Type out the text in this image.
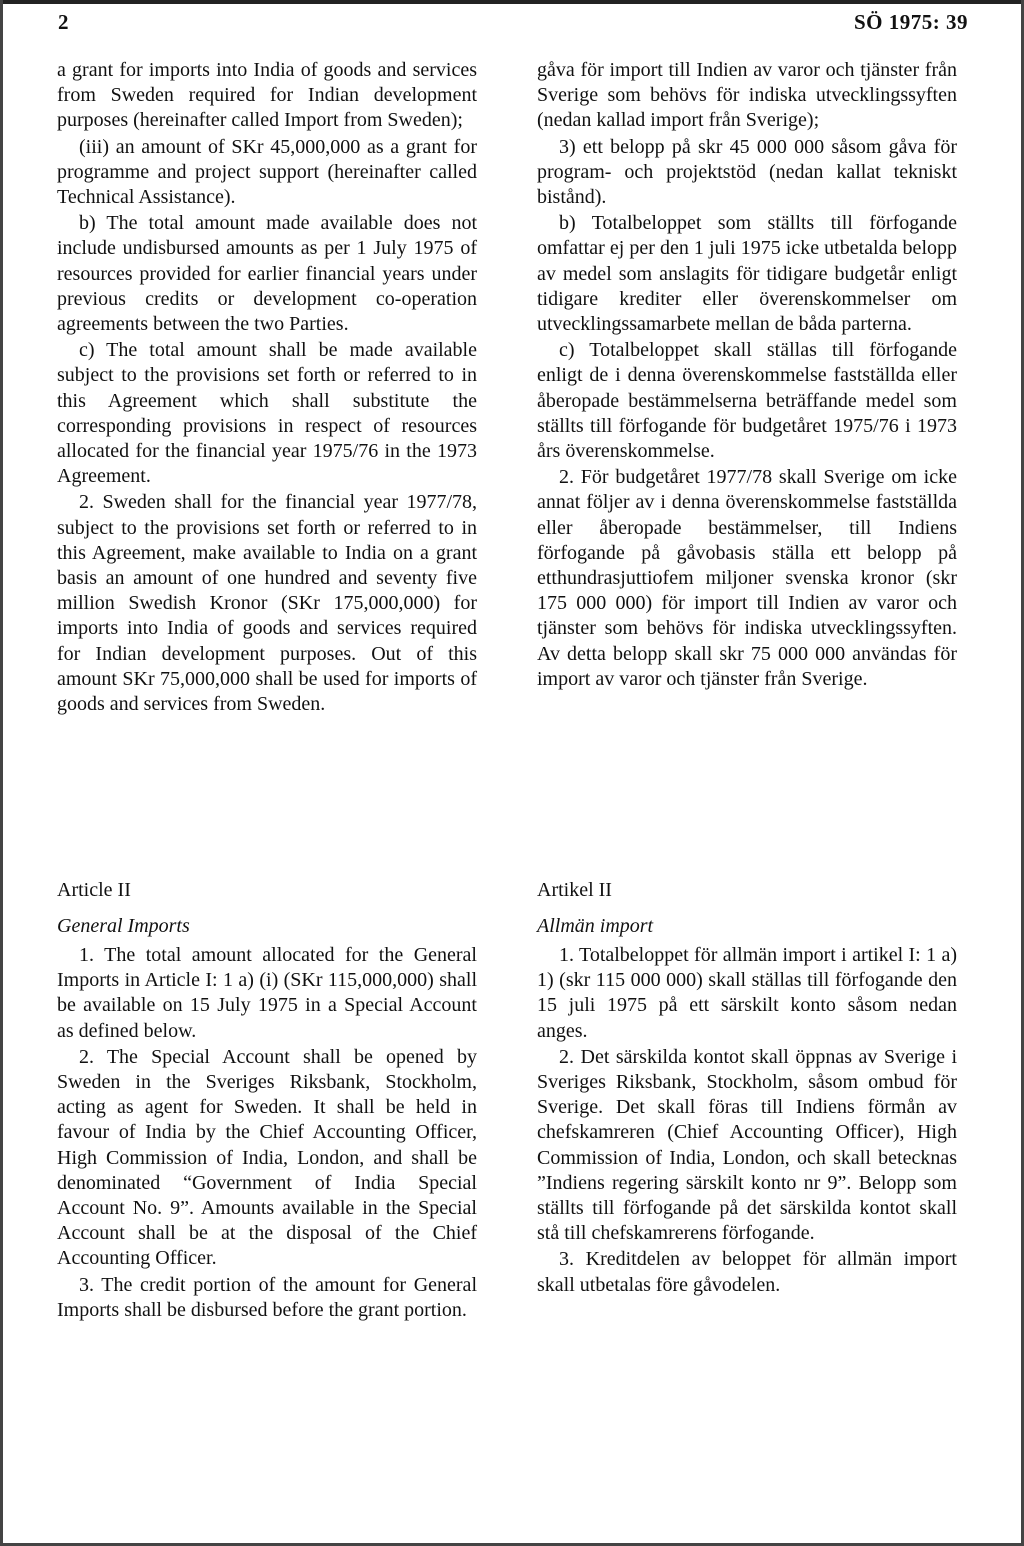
2	SÖ 1975: 39

a grant for imports into India of goods and services from Sweden required for Indian development purposes (hereinafter called Import from Sweden);

(iii) an amount of SKr 45,000,000 as a grant for programme and project support (hereinafter called Technical Assistance).

b) The total amount made available does not include undisbursed amounts as per 1 July 1975 of resources provided for earlier financial years under previous credits or development co-operation agreements between the two Parties.

c) The total amount shall be made available subject to the provisions set forth or referred to in this Agreement which shall substitute the corresponding provisions in respect of resources allocated for the financial year 1975/76 in the 1973 Agreement.

2. Sweden shall for the financial year 1977/78, subject to the provisions set forth or referred to in this Agreement, make available to India on a grant basis an amount of one hundred and seventy five million Swedish Kronor (SKr 175,000,000) for imports into India of goods and services required for Indian development purposes. Out of this amount SKr 75,000,000 shall be used for imports of goods and services from Sweden.

gåva för import till Indien av varor och tjänster från Sverige som behövs för indiska utvecklingssyften (nedan kallad import från Sverige);

3) ett belopp på skr 45 000 000 såsom gåva för program- och projektstöd (nedan kallat tekniskt bistånd).

b) Totalbeloppet som ställts till förfogande omfattar ej per den 1 juli 1975 icke utbetalda belopp av medel som anslagits för tidigare budgetår enligt tidigare krediter eller överenskommelser om utvecklingssamarbete mellan de båda parterna.

c) Totalbeloppet skall ställas till förfogande enligt de i denna överenskommelse fastställda eller åberopade bestämmelserna beträffande medel som ställts till förfogande för budgetåret 1975/76 i 1973 års överenskommelse.

2. För budgetåret 1977/78 skall Sverige om icke annat följer av i denna överenskommelse fastställda eller åberopade bestämmelser, till Indiens förfogande på gåvobasis ställa ett belopp på etthundrasjuttiofem miljoner svenska kronor (skr 175 000 000) för import till Indien av varor och tjänster som behövs för indiska utvecklingssyften. Av detta belopp skall skr 75 000 000 användas för import av varor och tjänster från Sverige.

Article II
General Imports
Artikel II
Allmän import

1. The total amount allocated for the General Imports in Article I: 1 a) (i) (SKr 115,000,000) shall be available on 15 July 1975 in a Special Account as defined below.

2. The Special Account shall be opened by Sweden in the Sveriges Riksbank, Stockholm, acting as agent for Sweden. It shall be held in favour of India by the Chief Accounting Officer, High Commission of India, London, and shall be denominated “Government of India Special Account No. 9”. Amounts available in the Special Account shall be at the disposal of the Chief Accounting Officer.

3. The credit portion of the amount for General Imports shall be disbursed before the grant portion.

1. Totalbeloppet för allmän import i artikel I: 1 a) 1) (skr 115 000 000) skall ställas till förfogande den 15 juli 1975 på ett särskilt konto såsom nedan anges.

2. Det särskilda kontot skall öppnas av Sverige i Sveriges Riksbank, Stockholm, såsom ombud för Sverige. Det skall föras till Indiens förmån av chefskamreren (Chief Accounting Officer), High Commission of India, London, och skall betecknas ”Indiens regering särskilt konto nr 9”. Belopp som ställts till förfogande på det särskilda kontot skall stå till chefskamrerens förfogande.

3. Kreditdelen av beloppet för allmän import skall utbetalas före gåvodelen.
